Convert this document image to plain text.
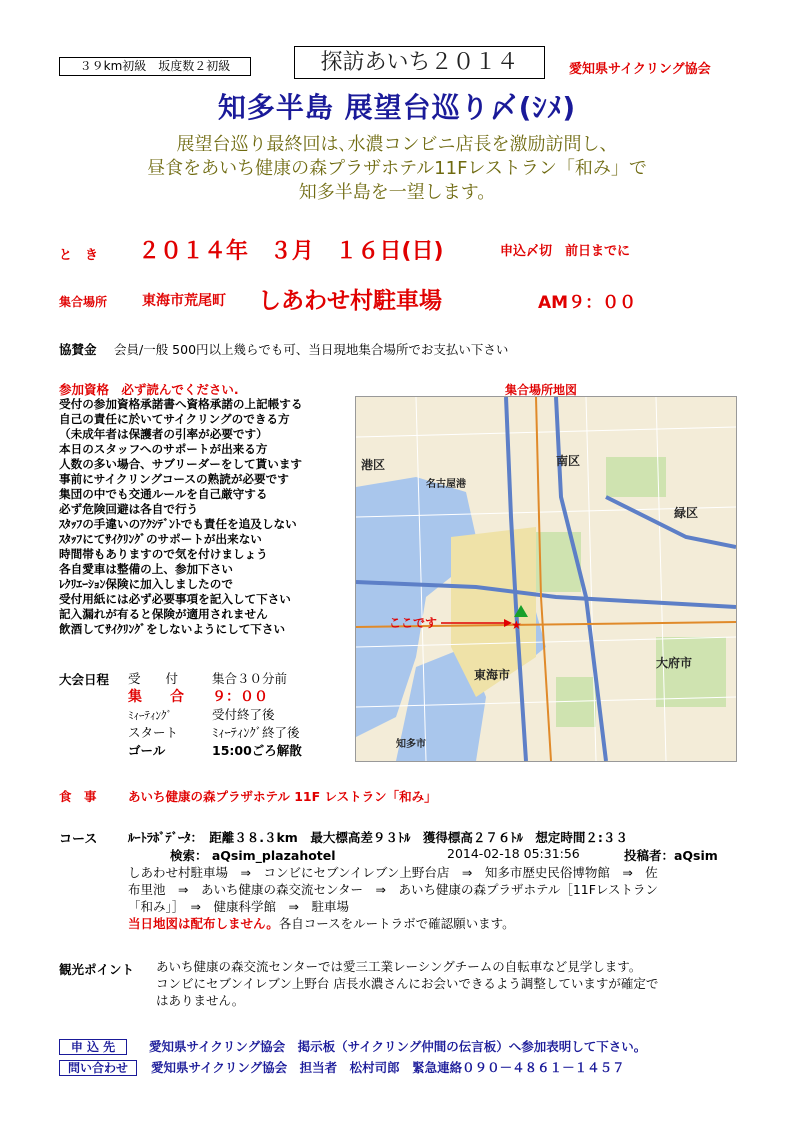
３９km初級　坂度数２初級	探訪あいち２０１４	愛知県サイクリング協会
知多半島 展望台巡り〆(ｼﾒ)
展望台巡り最終回は､水濃コンビニ店長を激励訪問し、
昼食をあいち健康の森プラザホテル11Fレストラン「和み」で
知多半島を一望します。
と　き ２０１４年 ３月 １６日(日)	申込〆切　前日までに
集合場所 東海市荒尾町 しあわせ村駐車場	AM９：００
協賛金 会員/一般 500円以上幾らでも可、当日現地集合場所でお支払い下さい
参加資格 必ず読んでください.
受付の参加資格承諾書へ資格承諾の上記帳する
自己の責任に於いてサイクリングのできる方
（未成年者は保護者の引率が必要です）
本日のスタッフへのサポートが出来る方
人数の多い場合、サブリーダーをして貰います
事前にサイクリングコースの熟読が必要です
集団の中でも交通ルールを自己厳守する
必ず危険回避は各自で行う
ｽﾀｯﾌの手違いのｱｸｼﾃﾞﾝﾄでも責任を追及しない
ｽﾀｯﾌにてｻｲｸﾘﾝｸﾞのサポートが出来ない
時間帯もありますので気を付けましょう
各自愛車は整備の上、参加下さい
ﾚｸﾘｴｰｼｮﾝ保険に加入しましたので
受付用紙には必ず必要事項を記入して下さい
記入漏れが有ると保険が適用されません
飲酒してｻｲｸﾘﾝｸﾞをしないようにして下さい
集合場所地図
港区	南区
緑区
名古屋港
東海市
大府市
知多市
ここです	★
大会日程 受　　付	集合３０分前
集　　合 ９：００
ﾐｨｰﾃｨﾝｸﾞ	受付終了後
スタート	ﾐｨｰﾃｨﾝｸﾞ終了後
ゴール	15:00ごろ解散
食　事	あいち健康の森プラザホテル 11F レストラン「和み」
コース ﾙｰﾄﾗﾎﾞﾃﾞｰﾀ：　距離３８.３km　最大標高差９３ﾄﾙ　獲得標高２７６ﾄﾙ　想定時間２:３３
検索： aQsim_plazahotel	2014-02-18 05:31:56	投稿者：aQsim
しあわせ村駐車場　⇒　コンビにセブンイレブン上野台店　⇒　知多市歴史民俗博物館　⇒　佐
布里池　⇒　あいち健康の森交流センター　⇒　あいち健康の森プラザホテル［11Fレストラン
「和み」］　⇒　健康科学館　⇒　駐車場
当日地図は配布しません。各自コースをルートラボで確認願います。
観光ポイント あいち健康の森交流センターでは愛三工業レーシングチームの自転車など見学します。
コンビにセブンイレブン上野台 店長水濃さんにお会いできるよう調整していますが確定で
はありません。
申 込 先	愛知県サイクリング協会　掲示板（サイクリング仲間の伝言板）へ参加表明して下さい。
問い合わせ 愛知県サイクリング協会　担当者　松村司郎　緊急連絡０９０－４８６１－１４５７
